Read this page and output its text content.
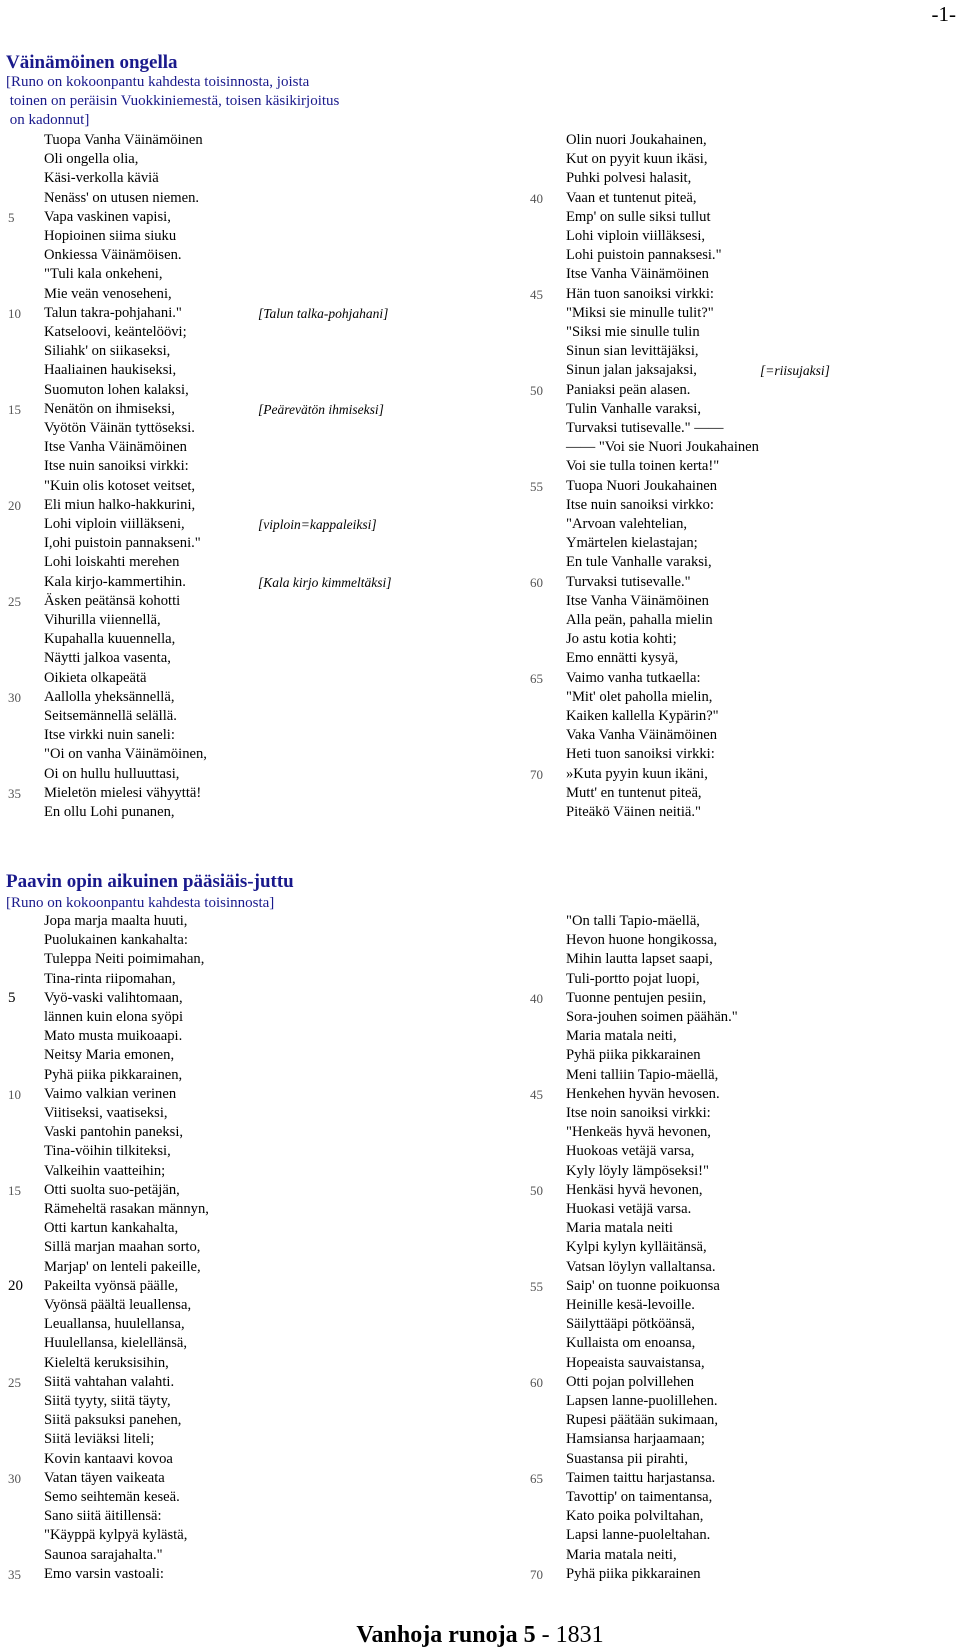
-1-
Väinämöinen ongella
[Runo on kokoonpantu kahdesta toisinnosta, joista
toinen on peräisin Vuokkiniemestä, toisen käsikirjoitus
on kadonnut]
Tuopa Vanha Väinämöinen
Oli ongella olia,
Käsi-verkolla käviä
Nenäss' on utusen niemen.
5	Vapa vaskinen vapisi,
Hopioinen siima siuku
Onkiessa Väinämöisen.
"Tuli kala onkeheni,
Mie veän venoseheni,
10	Talun takra-pohjahani."	[Talun talka-pohjahani]
Katseloovi, keäntelöövi;
Siliahk' on siikaseksi,
Haaliainen haukiseksi,
Suomuton lohen kalaksi,
15	Nenätön on ihmiseksi,	[Peärevätön ihmiseksi]
Vyötön Väinän tyttöseksi.
Itse Vanha Väinämöinen
Itse nuin sanoiksi virkki:
"Kuin olis kotoset veitset,
20	Eli miun halko-hakkurini,
Lohi viploin viilläkseni,	[viploin=kappaleiksi]
I,ohi puistoin pannakseni."
Lohi loiskahti merehen
Kala kirjo-kammertihin.	[Kala kirjo kimmeltäksi]
25	Äsken peätänsä kohotti
Vihurilla viiennellä,
Kupahalla kuuennella,
Näytti jalkoa vasenta,
Oikieta olkapeätä
30	Aallolla yheksännellä,
Seitsemännellä selällä.
Itse virkki nuin saneli:
"Oi on vanha Väinämöinen,
Oi on hullu hulluuttasi,
35	Mieletön mielesi vähyyttä!
En ollu Lohi punanen,
Olin nuori Joukahainen,
Kut on pyyit kuun ikäsi,
Puhki polvesi halasit,
40	Vaan et tuntenut piteä,
Emp' on sulle siksi tullut
Lohi viploin viilläksesi,
Lohi puistoin pannaksesi."
Itse Vanha Väinämöinen
45	Hän tuon sanoiksi virkki:
"Miksi sie minulle tulit?"
"Siksi mie sinulle tulin
Sinun sian levittäjäksi,
Sinun jalan jaksajaksi,	[=riisujaksi]
50	Paniaksi peän alasen.
Tulin Vanhalle varaksi,
Turvaksi tutisevalle." ——
—— "Voi sie Nuori Joukahainen
Voi sie tulla toinen kerta!"
55	Tuopa Nuori Joukahainen
Itse nuin sanoiksi virkko:
"Arvoan valehtelian,
Ymärtelen kielastajan;
En tule Vanhalle varaksi,
60	Turvaksi tutisevalle."
Itse Vanha Väinämöinen
Alla peän, pahalla mielin
Jo astu kotia kohti;
Emo ennätti kysyä,
65	Vaimo vanha tutkaella:
"Mit' olet paholla mielin,
Kaiken kallella Kypärin?"
Vaka Vanha Väinämöinen
Heti tuon sanoiksi virkki:
70	»Kuta pyyin kuun ikäni,
Mutt' en tuntenut piteä,
Piteäkö Väinen neitiä."
Paavin opin aikuinen pääsiäis-juttu
[Runo on kokoonpantu kahdesta toisinnosta]
Jopa marja maalta huuti,
Puolukainen kankahalta:
Tuleppa Neiti poimimahan,
Tina-rinta riipomahan,
5	Vyö-vaski valihtomaan,
lännen kuin elona syöpi
Mato musta muikoaapi.
Neitsy Maria emonen,
Pyhä piika pikkarainen,
10	Vaimo valkian verinen
Viitiseksi, vaatiseksi,
Vaski pantohin paneksi,
Tina-vöihin tilkiteksi,
Valkeihin vaatteihin;
15	Otti suolta suo-petäjän,
Rämeheltä rasakan männyn,
Otti kartun kankahalta,
Sillä marjan maahan sorto,
Marjap' on lenteli pakeille,
20	Pakeilta vyönsä päälle,
Vyönsä päältä leuallensa,
Leuallansa, huulellansa,
Huulellansa, kielellänsä,
Kieleltä keruksisihin,
25	Siitä vahtahan valahti.
Siitä tyyty, siitä täyty,
Siitä paksuksi panehen,
Siitä leviäksi liteli;
Kovin kantaavi kovoa
30	Vatan täyen vaikeata
Semo seihtemän keseä.
Sano siitä äitillensä:
"Käyppä kylpyä kylästä,
Saunoa sarajahalta."
35	Emo varsin vastoali:
"On talli Tapio-mäellä,
Hevon huone hongikossa,
Mihin lautta lapset saapi,
Tuli-portto pojat luopi,
40	Tuonne pentujen pesiin,
Sora-jouhen soimen päähän."
Maria matala neiti,
Pyhä piika pikkarainen
Meni talliin Tapio-mäellä,
45	Henkehen hyvän hevosen.
Itse noin sanoiksi virkki:
"Henkeäs hyvä hevonen,
Huokoas vetäjä varsa,
Kyly löyly lämpöseksi!"
50	Henkäsi hyvä hevonen,
Huokasi vetäjä varsa.
Maria matala neiti
Kylpi kylyn kylläitänsä,
Vatsan löylyn vallaltansa.
55	Saip' on tuonne poikuonsa
Heinille kesä-levoille.
Säilyttääpi pötköänsä,
Kullaista om enoansa,
Hopeaista sauvaistansa,
60	Otti pojan polvillehen
Lapsen lanne-puolillehen.
Rupesi päätään sukimaan,
Hamsiansa harjaamaan;
Suastansa pii pirahti,
65	Taimen taittu harjastansa.
Tavottip' on taimentansa,
Kato poika polviltahan,
Lapsi lanne-puoleltahan.
Maria matala neiti,
70	Pyhä piika pikkarainen
Vanhoja runoja 5 - 1831
